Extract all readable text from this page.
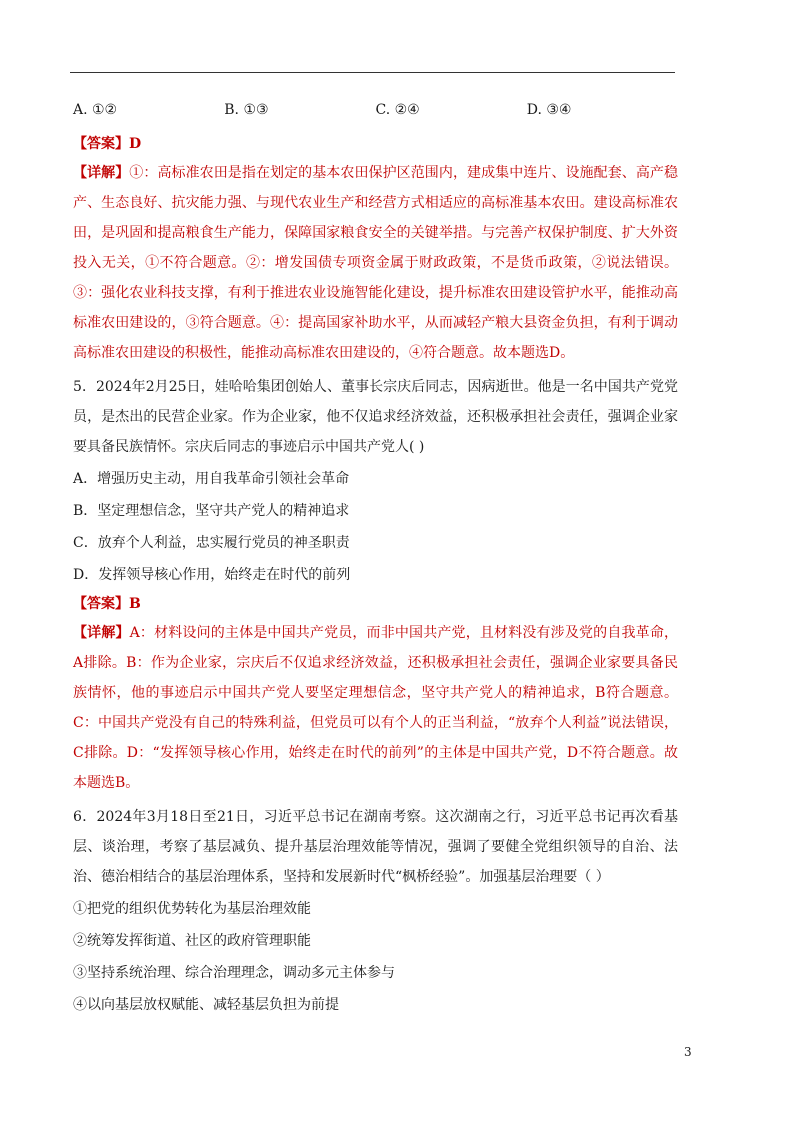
A. ①②	B. ①③	C. ②④	D. ③④
【答案】D
【详解】①：高标准农田是指在划定的基本农田保护区范围内，建成集中连片、设施配套、高产稳产、生态良好、抗灾能力强、与现代农业生产和经营方式相适应的高标准基本农田。建设高标准农田，是巩固和提高粮食生产能力，保障国家粮食安全的关键举措。与完善产权保护制度、扩大外资投入无关，①不符合题意。②：增发国债专项资金属于财政政策，不是货币政策，②说法错误。③：强化农业科技支撑，有利于推进农业设施智能化建设，提升标准农田建设管护水平，能推动高标准农田建设的，③符合题意。④：提高国家补助水平，从而减轻产粮大县资金负担，有利于调动高标准农田建设的积极性，能推动高标准农田建设的，④符合题意。故本题选D。
5．2024年2月25日，娃哈哈集团创始人、董事长宗庆后同志，因病逝世。他是一名中国共产党党员，是杰出的民营企业家。作为企业家，他不仅追求经济效益，还积极承担社会责任，强调企业家要具备民族情怀。宗庆后同志的事迹启示中国共产党人( )
A．增强历史主动，用自我革命引领社会革命
B．坚定理想信念，坚守共产党人的精神追求
C．放弃个人利益，忠实履行党员的神圣职责
D．发挥领导核心作用，始终走在时代的前列
【答案】B
【详解】A：材料设问的主体是中国共产党员，而非中国共产党，且材料没有涉及党的自我革命，A排除。B：作为企业家，宗庆后不仅追求经济效益，还积极承担社会责任，强调企业家要具备民族情怀，他的事迹启示中国共产党人要坚定理想信念，坚守共产党人的精神追求，B符合题意。C：中国共产党没有自己的特殊利益，但党员可以有个人的正当利益，“放弃个人利益”说法错误，C排除。D：“发挥领导核心作用，始终走在时代的前列”的主体是中国共产党，D不符合题意。故本题选B。
6．2024年3月18日至21日，习近平总书记在湖南考察。这次湖南之行，习近平总书记再次看基层、谈治理，考察了基层减负、提升基层治理效能等情况，强调了要健全党组织领导的自治、法治、德治相结合的基层治理体系，坚持和发展新时代“枫桥经验”。加强基层治理要（ ）
①把党的组织优势转化为基层治理效能
②统筹发挥街道、社区的政府管理职能
③坚持系统治理、综合治理理念，调动多元主体参与
④以向基层放权赋能、减轻基层负担为前提
3
